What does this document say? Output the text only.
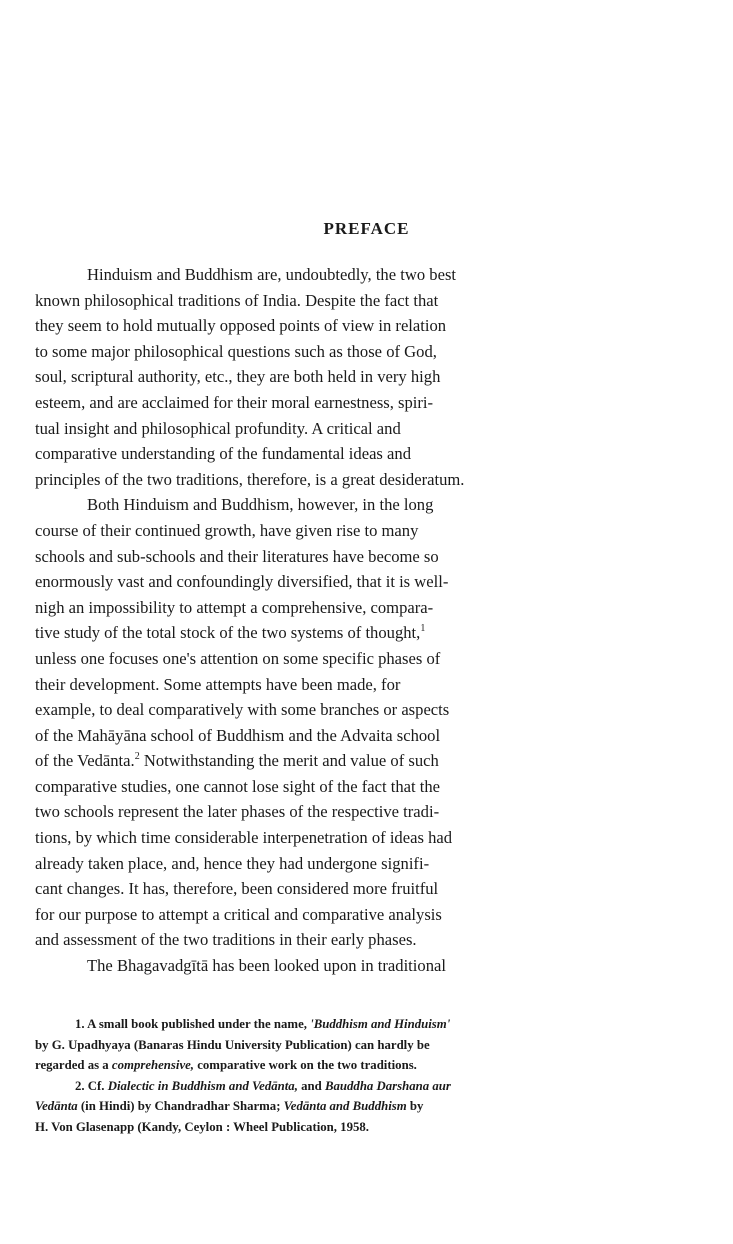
PREFACE
Hinduism and Buddhism are, undoubtedly, the two best
known philosophical traditions of India. Despite the fact that
they seem to hold mutually opposed points of view in relation
to some major philosophical questions such as those of God,
soul, scriptural authority, etc., they are both held in very high
esteem, and are acclaimed for their moral earnestness, spiri-
tual insight and philosophical profundity. A critical and
comparative understanding of the fundamental ideas and
principles of the two traditions, therefore, is a great desideratum.
Both Hinduism and Buddhism, however, in the long
course of their continued growth, have given rise to many
schools and sub-schools and their literatures have become so
enormously vast and confoundingly diversified, that it is well-
nigh an impossibility to attempt a comprehensive, compara-
tive study of the total stock of the two systems of thought,$^1$
unless one focuses one's attention on some specific phases of
their development. Some attempts have been made, for
example, to deal comparatively with some branches or aspects
of the Mahāyāna school of Buddhism and the Advaita school
of the Vedānta.$^2$ Notwithstanding the merit and value of such
comparative studies, one cannot lose sight of the fact that the
two schools represent the later phases of the respective tradi-
tions, by which time considerable interpenetration of ideas had
already taken place, and, hence they had undergone signifi-
cant changes. It has, therefore, been considered more fruitful
for our purpose to attempt a critical and comparative analysis
and assessment of the two traditions in their early phases.
The Bhagavadgītā has been looked upon in traditional
1. A small book published under the name, 'Buddhism and Hinduism'
by G. Upadhyaya (Banaras Hindu University Publication) can hardly be
regarded as a comprehensive, comparative work on the two traditions.
2. Cf. Dialectic in Buddhism and Vedānta, and Bauddha Darshana aur
Vedānta (in Hindi) by Chandradhar Sharma; Vedānta and Buddhism by
H. Von Glasenapp (Kandy, Ceylon : Wheel Publication, 1958.
